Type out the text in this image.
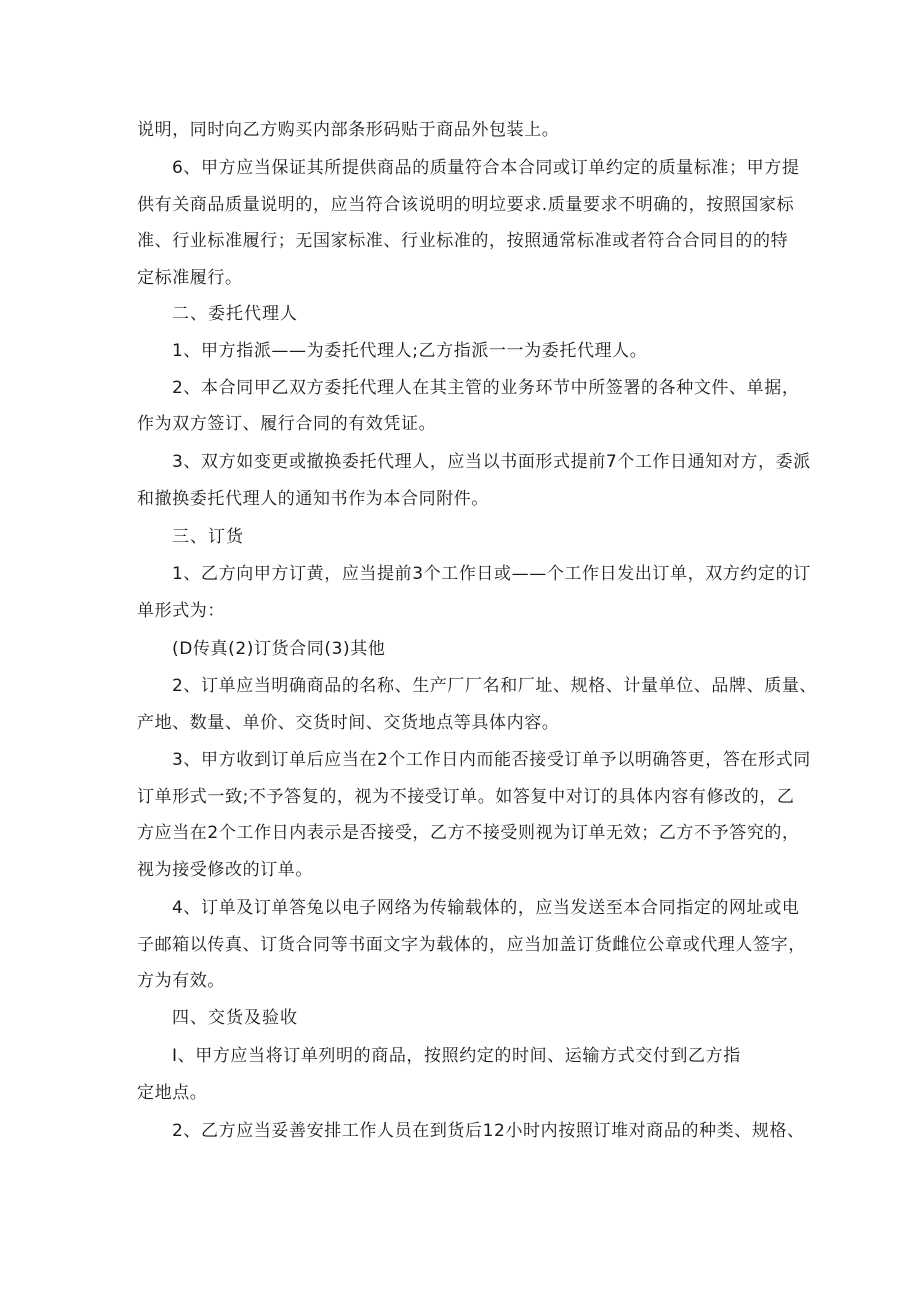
说明，同时向乙方购买内部条形码贴于商品外包装上。
6、甲方应当保证其所提供商品的质量符合本合同或订单约定的质量标准；甲方提
供有关商品质量说明的，应当符合该说明的明垃要求.质量要求不明确的，按照国家标
准、行业标准履行；无国家标准、行业标准的，按照通常标准或者符合合同目的的特
定标准履行。
二、委托代理人
1、甲方指派——为委托代理人;乙方指派一一为委托代理人。
2、本合同甲乙双方委托代理人在其主管的业务环节中所签署的各种文件、单据，
作为双方签订、履行合同的有效凭证。
3、双方如变更或撤换委托代理人，应当以书面形式提前7个工作日通知对方，委派
和撤换委托代理人的通知书作为本合同附件。
三、订货
1、乙方向甲方订黄，应当提前3个工作日或——个工作日发出订单，双方约定的订
单形式为：
(D传真(2)订货合同(3)其他
2、订单应当明确商品的名称、生产厂厂名和厂址、规格、计量单位、品牌、质量、
产地、数量、单价、交货时间、交货地点等具体内容。
3、甲方收到订单后应当在2个工作日内而能否接受订单予以明确答更，答在形式同
订单形式一致;不予答复的，视为不接受订单。如答复中对订的具体内容有修改的，乙
方应当在2个工作日内表示是否接受，乙方不接受则视为订单无效；乙方不予答究的，
视为接受修改的订单。
4、订单及订单答兔以电子网络为传输载体的，应当发送至本合同指定的网址或电
子邮箱以传真、订货合同等书面文字为载体的，应当加盖订货雌位公章或代理人签字，
方为有效。
四、交货及验收
I、甲方应当将订单列明的商品，按照约定的时间、运输方式交付到乙方指
定地点。
2、乙方应当妥善安排工作人员在到货后12小时内按照订堆对商品的种类、规格、
